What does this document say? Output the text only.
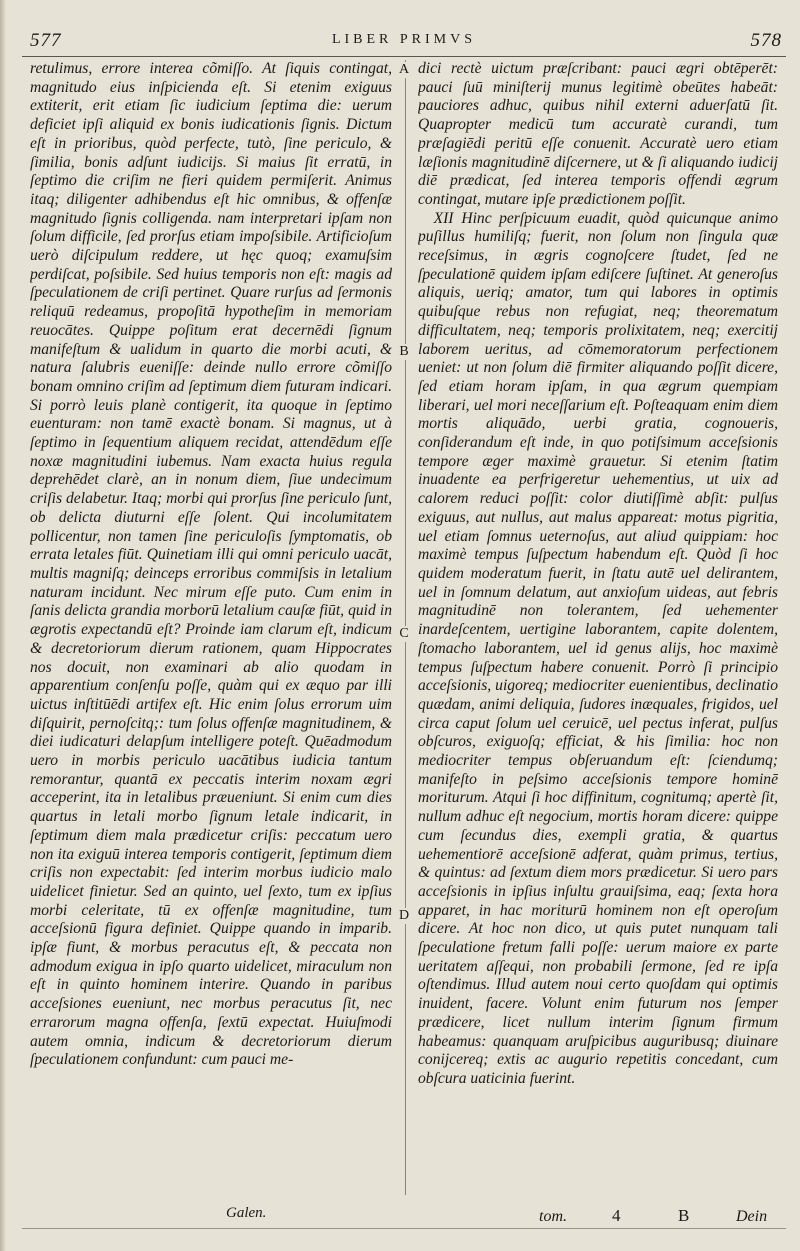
577	LIBER PRIMVS	578

retulimus, errore interea cõmiſſo. At ſiquis contingat, magnitudo eius inſpicienda eſt. Si etenim exiguus extiterit, erit etiam ſic iudicium ſeptima die: uerum deficiet ipſi aliquid ex bonis iudicationis ſignis. Dictum eſt in prioribus, quòd perfecte, tutò, ſine periculo, & ſimilia, bonis adſunt iudicijs. Si maius ſit erratū, in ſeptimo die criſim ne fieri quidem permiſerit. Animus itaq; diligenter adhibendus eſt hic omnibus, & offenſæ magnitudo ſignis colligenda. nam interpretari ipſam non ſolum difficile, ſed prorſus etiam impoſsibile. Artificioſum uerò diſcipulum reddere, ut hęc quoq; examuſsim perdiſcat, poſsibile. Sed huius temporis non eſt: magis ad ſpeculationem de criſi pertinet. Quare rurſus ad ſermonis reliquū redeamus, propoſitā hypotheſim in memoriam reuocātes. Quippe poſitum erat decernēdi ſignum manifeſtum & ualidum in quarto die morbi acuti, & natura ſalubris eueniſſe: deinde nullo errore cõmiſſo bonam omnino criſim ad ſeptimum diem futuram indicari. Si porrò leuis planè contigerit, ita quoque in ſeptimo euenturam: non tamē exactè bonam. Si magnus, ut à ſeptimo in ſequentium aliquem recidat, attendēdum eſſe noxæ magnitudini iubemus. Nam exacta huius regula deprehēdet clarè, an in nonum diem, ſiue undecimum criſis delabetur. Itaq; morbi qui prorſus ſine periculo ſunt, ob delicta diuturni eſſe ſolent. Qui incolumitatem pollicentur, non tamen ſine periculoſis ſymptomatis, ob errata letales fiūt. Quinetiam illi qui omni periculo uacāt, multis magniſq; deinceps erroribus commiſsis in letalium naturam incidunt. Nec mirum eſſe puto. Cum enim in ſanis delicta grandia morborū letalium cauſæ fiūt, quid in ægrotis expectandū eſt? Proinde iam clarum eſt, indicum & decretoriorum dierum rationem, quam Hippocrates nos docuit, non examinari ab alio quodam in apparentium conſenſu poſſe, quàm qui ex æquo par illi uictus inſtitūēdi artifex eſt. Hic enim ſolus errorum uim diſquirit, pernoſcitq;: tum ſolus offenſæ magnitudinem, & diei iudicaturi delapſum intelligere poteſt. Quēadmodum uero in morbis periculo uacātibus iudicia tantum remorantur, quantā ex peccatis interim noxam ægri acceperint, ita in letalibus præueniunt. Si enim cum dies quartus in letali morbo ſignum letale indicarit, in ſeptimum diem mala prædicetur criſis: peccatum uero non ita exiguū interea temporis contigerit, ſeptimum diem criſis non expectabit: ſed interim morbus iudicio malo uidelicet finietur. Sed an quinto, uel ſexto, tum ex ipſius morbi celeritate, tū ex offenſæ magnitudine, tum acceſsionū figura definiet. Quippe quando in imparib. ipſæ fiunt, & morbus peracutus eſt, & peccata non admodum exigua in ipſo quarto uidelicet, miraculum non eſt in quinto hominem interire. Quando in paribus acceſsiones eueniunt, nec morbus peracutus ſit, nec errarorum magna offenſa, ſextū expectat. Huiuſmodi autem omnia, indicum & decretoriorum dierum ſpeculationem confundunt: cum pauci me-

A
B
C
D

dici rectè uictum præſcribant: pauci ægri obtēperēt: pauci ſuū miniſterij munus legitimè obeūtes habeāt: pauciores adhuc, quibus nihil externi aduerſatū ſit. Quapropter medicū tum accuratè curandi, tum præſagiēdi peritū eſſe conuenit. Accuratè uero etiam læſionis magnitudinē diſcernere, ut & ſi aliquando iudicij diē prædicat, ſed interea temporis offendi ægrum contingat, mutare ipſe prædictionem poſſit.

 XII  Hinc perſpicuum euadit, quòd quicunque animo puſillus humiliſq; fuerit, non ſolum non ſingula quæ receſsimus, in ægris cognoſcere ſtudet, ſed ne ſpeculationē quidem ipſam ediſcere ſuſtinet. At generoſus aliquis, ueriq; amator, tum qui labores in optimis quibuſque rebus non refugiat, neq; theorematum difficultatem, neq; temporis prolixitatem, neq; exercitij laborem ueritus, ad cōmemoratorum perfectionem ueniet: ut non ſolum diē firmiter aliquando poſſit dicere, ſed etiam horam ipſam, in qua ægrum quempiam liberari, uel mori neceſſarium eſt. Poſteaquam enim diem mortis aliquādo, uerbi gratia, cognoueris, conſiderandum eſt inde, in quo potiſsimum acceſsionis tempore æger maximè grauetur. Si etenim ſtatim inuadente ea perfrigeretur uehementius, ut uix ad calorem reduci poſſit: color diutiſſimè abſit: pulſus exiguus, aut nullus, aut malus appareat: motus pigritia, uel etiam ſomnus ueternoſus, aut aliud quippiam: hoc maximè tempus ſuſpectum habendum eſt. Quòd ſi hoc quidem moderatum fuerit, in ſtatu autē uel delirantem, uel in ſomnum delatum, aut anxioſum uideas, aut febris magnitudinē non tolerantem, ſed uehementer inardeſcentem, uertigine laborantem, capite dolentem, ſtomacho laborantem, uel id genus alijs, hoc maximè tempus ſuſpectum habere conuenit. Porrò ſi principio acceſsionis, uigoreq; mediocriter euenientibus, declinatio quædam, animi deliquia, ſudores inæquales, frigidos, uel circa caput ſolum uel ceruicē, uel pectus inferat, pulſus obſcuros, exiguoſq; efficiat, & his ſimilia: hoc non mediocriter tempus obſeruandum eſt: ſciendumq; manifeſto in peſsimo acceſsionis tempore hominē moriturum. Atqui ſi hoc diffinitum, cognitumq; apertè ſit, nullum adhuc eſt negocium, mortis horam dicere: quippe cum ſecundus dies, exempli gratia, & quartus uehementiorē acceſsionē adferat, quàm primus, tertius, & quintus: ad ſextum diem mors prædicetur. Si uero pars acceſsionis in ipſius inſultu grauiſsima, eaq; ſexta hora apparet, in hac moriturū hominem non eſt operoſum dicere. At hoc non dico, ut quis putet nunquam tali ſpeculatione fretum falli poſſe: uerum maiore ex parte ueritatem aſſequi, non probabili ſermone, ſed re ipſa oſtendimus. Illud autem noui certo quoſdam qui optimis inuident, facere. Volunt enim futurum nos ſemper prædicere, licet nullum interim ſignum firmum habeamus: quanquam aruſpicibus auguribusq; diuinare conijcereq; extis ac augurio repetitis concedant, cum obſcura uaticinia fuerint.

Galen.	tom.	4	B	Dein
